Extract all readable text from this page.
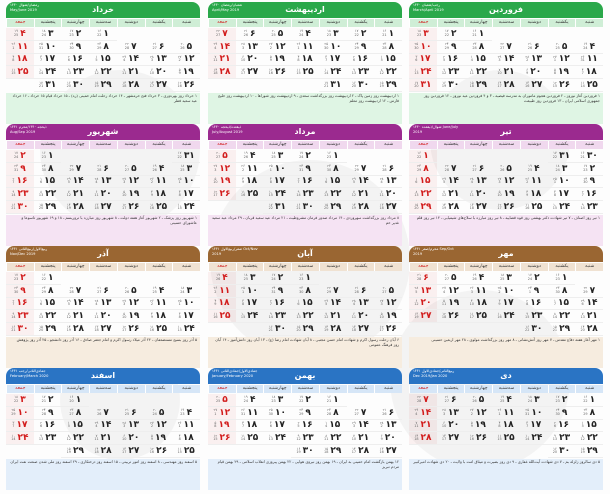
فروردین
رجب/شعبان ۱۴۴۰ March/April 2019
شنبه
یکشنبه
دوشنبه
سه‌شنبه
چهارشنبه
پنجشنبه
جمعه
۱۶
21 ۱
۱۷
22 ۲
۱۸
23 ۳
۱۹
24 ۴
۲۰
25 ۵
۲۱
26 ۶
۲۲
27 ۷
۲۳
28 ۸
۲۴
29 ۹
۲۵
30 ۱۰
۲۶
31 ۱۱
۲۷
1 ۱۲
۲۸
2 ۱۳
۲۹
3 ۱۴
۱
4 ۱۵
۲
5 ۱۶
۳
6 ۱۷
۴
7 ۱۸
۵
8 ۱۹
۶
9 ۲۰
۷
10 ۲۱
۸
11 ۲۲
۹
12 ۲۳
۱۰
13 ۲۴
۱۱
14 ۲۵
۱۲
15 ۲۶
۱۳
16 ۲۷
۱۴
17 ۲۸
۱۵
18 ۲۹
۱۶
19 ۳۰
۱۷
20 ۳۱
۱ فروردین آغاز نوروز ـ ۲ فروردین هجوم ماموران به مدرسه فیضیه ـ ۳ و ۴ فروردین عید نوروز ـ ۱۲ فروردین روز جمهوری اسلامی ایران ـ ۱۳ فروردین روز طبیعت
اردیبهشت
شعبان/رمضان ۱۴۴۰ April/May 2019
شنبه
یکشنبه
دوشنبه
سه‌شنبه
چهارشنبه
پنجشنبه
جمعه
۱۶
21 ۱
۱۷
22 ۲
۱۸
23 ۳
۱۹
24 ۴
۲۰
25 ۵
۲۱
26 ۶
۲۲
27 ۷
۲۳
28 ۸
۲۴
29 ۹
۲۵
30 ۱۰
۲۶
1 ۱۱
۲۷
2 ۱۲
۲۸
3 ۱۳
۲۹
4 ۱۴
۱
5 ۱۵
۲
6 ۱۶
۳
7 ۱۷
۴
8 ۱۸
۵
9 ۱۹
۶
10 ۲۰
۷
11 ۲۱
۸
12 ۲۲
۹
13 ۲۳
۱۰
14 ۲۴
۱۱
15 ۲۵
۱۲
16 ۲۶
۱۳
17 ۲۷
۱۴
18 ۲۸
۱۵
19 ۲۹
۱۶
20 ۳۰
۱۷
21 ۳۱
۱ اردیبهشت روز زمین پاک ـ ۲ اردیبهشت روز بزرگداشت سعدی ـ ۹ اردیبهشت روز شوراها ـ ۱۰ اردیبهشت روز خلیج فارس ـ ۱۲ اردیبهشت روز معلم
خرداد
رمضان/شوال ۱۴۴۰ May/June 2019
شنبه
یکشنبه
دوشنبه
سه‌شنبه
چهارشنبه
پنجشنبه
جمعه
۱۶
22 ۱
۱۷
23 ۲
۱۸
24 ۳
۱۹
25 ۴
۲۰
26 ۵
۲۱
27 ۶
۲۲
28 ۷
۲۳
29 ۸
۲۴
30 ۹
۲۵
31 ۱۰
۲۶
1 ۱۱
۲۷
2 ۱۲
۲۸
3 ۱۳
۲۹
4 ۱۴
۱
5 ۱۵
۲
6 ۱۶
۳
7 ۱۷
۴
8 ۱۸
۵
9 ۱۹
۶
10 ۲۰
۷
11 ۲۱
۸
12 ۲۲
۹
13 ۲۳
۱۰
14 ۲۴
۱۱
15 ۲۵
۱۲
16 ۲۶
۱۳
17 ۲۷
۱۴
18 ۲۸
۱۵
19 ۲۹
۱۶
20 ۳۰
۱۷
21 ۳۱
۱ خرداد روز بهره‌وری ـ ۳ خرداد فتح خرمشهر ـ ۱۴ خرداد رحلت امام خمینی (ره) ـ ۱۵ خرداد قیام ۱۵ خرداد ـ ۱۶ خرداد عید سعید فطر
تیر
شوال/ذیقعده ۱۴۴۰ June/July 2019
شنبه
یکشنبه
دوشنبه
سه‌شنبه
چهارشنبه
پنجشنبه
جمعه
۱۶
22 ۱
۱۷
23 ۲
۱۸
24 ۳
۱۹
25 ۴
۲۰
26 ۵
۲۱
27 ۶
۲۲
28 ۷
۲۳
29 ۸
۲۴
30 ۹
۲۵
1 ۱۰
۲۶
2 ۱۱
۲۷
3 ۱۲
۲۸
4 ۱۳
۲۹
5 ۱۴
۱
6 ۱۵
۲
7 ۱۶
۳
8 ۱۷
۴
9 ۱۸
۵
10 ۱۹
۶
11 ۲۰
۷
12 ۲۱
۸
13 ۲۲
۹
14 ۲۳
۱۰
15 ۲۴
۱۱
16 ۲۵
۱۲
17 ۲۶
۱۳
18 ۲۷
۱۴
19 ۲۸
۱۵
20 ۲۹
۱۶
21 ۳۰
۱۷
22 ۳۱
۱ تیر روز اصناف ـ ۷ تیر شهادت دکتر بهشتی روز قوه قضاییه ـ ۸ تیر روز مبارزه با سلاح‌های شیمیایی ـ ۱۴ تیر روز قلم
مرداد
ذیقعده/ذیحجه ۱۴۴۰ July/August 2019
شنبه
یکشنبه
دوشنبه
سه‌شنبه
چهارشنبه
پنجشنبه
جمعه
۱۶
23 ۱
۱۷
24 ۲
۱۸
25 ۳
۱۹
26 ۴
۲۰
27 ۵
۲۱
28 ۶
۲۲
29 ۷
۲۳
30 ۸
۲۴
31 ۹
۲۵
1 ۱۰
۲۶
2 ۱۱
۲۷
3 ۱۲
۲۸
4 ۱۳
۲۹
5 ۱۴
۱
6 ۱۵
۲
7 ۱۶
۳
8 ۱۷
۴
9 ۱۸
۵
10 ۱۹
۶
11 ۲۰
۷
12 ۲۱
۸
13 ۲۲
۹
14 ۲۳
۱۰
15 ۲۴
۱۱
16 ۲۵
۱۲
17 ۲۶
۱۳
18 ۲۷
۱۴
19 ۲۸
۱۵
20 ۲۹
۱۶
21 ۳۰
۱۷
22 ۳۱
۸ مرداد روز بزرگداشت سهروردی ـ ۱۴ مرداد صدور فرمان مشروطیت ـ ۲۱ مرداد عید سعید قربان ـ ۲۹ مرداد عید سعید غدیر خم
شهریور
ذیحجه ۱۴۴۰/محرم ۱۴۴۱ Aug/Sep 2019
شنبه
یکشنبه
دوشنبه
سه‌شنبه
چهارشنبه
پنجشنبه
جمعه
۱۶
23 ۱
۱۷
24 ۲
۱۸
25 ۳
۱۹
26 ۴
۲۰
27 ۵
۲۱
28 ۶
۲۲
29 ۷
۲۳
30 ۸
۲۴
31 ۹
۲۵
1 ۱۰
۲۶
2 ۱۱
۲۷
3 ۱۲
۲۸
4 ۱۳
۲۹
5 ۱۴
۱
6 ۱۵
۲
7 ۱۶
۳
8 ۱۷
۴
9 ۱۸
۵
10 ۱۹
۶
11 ۲۰
۷
12 ۲۱
۸
13 ۲۲
۹
14 ۲۳
۱۰
15 ۲۴
۱۱
16 ۲۵
۱۲
17 ۲۶
۱۳
18 ۲۷
۱۴
19 ۲۸
۱۵
20 ۲۹
۱۶
21 ۳۰
۱۷
22 ۳۱
۱ شهریور روز پزشک ـ ۲ شهریور آغاز هفته دولت ـ ۸ شهریور روز مبارزه با تروریسم ـ ۱۸ و ۱۹ شهریور تاسوعا و عاشورای حسینی
مهر
محرم/صفر ۱۴۴۱ Sep/Oct 2019
شنبه
یکشنبه
دوشنبه
سه‌شنبه
چهارشنبه
پنجشنبه
جمعه
۱۶
23 ۱
۱۷
24 ۲
۱۸
25 ۳
۱۹
26 ۴
۲۰
27 ۵
۲۱
28 ۶
۲۲
29 ۷
۲۳
30 ۸
۲۴
1 ۹
۲۵
2 ۱۰
۲۶
3 ۱۱
۲۷
4 ۱۲
۲۸
5 ۱۳
۲۹
6 ۱۴
۱
7 ۱۵
۲
8 ۱۶
۳
9 ۱۷
۴
10 ۱۸
۵
11 ۱۹
۶
12 ۲۰
۷
13 ۲۱
۸
14 ۲۲
۹
15 ۲۳
۱۰
16 ۲۴
۱۱
17 ۲۵
۱۲
18 ۲۶
۱۳
19 ۲۷
۱۴
20 ۲۸
۱۵
21 ۲۹
۱۶
22 ۳۰
۱ مهر آغاز هفته دفاع مقدس ـ ۷ مهر روز آتش‌نشانی ـ ۸ مهر روز بزرگداشت مولوی ـ ۲۸ مهر اربعین حسینی
آبان
صفر/ربیع‌الاول ۱۴۴۱ Oct/Nov 2019
شنبه
یکشنبه
دوشنبه
سه‌شنبه
چهارشنبه
پنجشنبه
جمعه
۱۶
23 ۱
۱۷
24 ۲
۱۸
25 ۳
۱۹
26 ۴
۲۰
27 ۵
۲۱
28 ۶
۲۲
29 ۷
۲۳
30 ۸
۲۴
31 ۹
۲۵
1 ۱۰
۲۶
2 ۱۱
۲۷
3 ۱۲
۲۸
4 ۱۳
۲۹
5 ۱۴
۱
6 ۱۵
۲
7 ۱۶
۳
8 ۱۷
۴
9 ۱۸
۵
10 ۱۹
۶
11 ۲۰
۷
12 ۲۱
۸
13 ۲۲
۹
14 ۲۳
۱۰
15 ۲۴
۱۱
16 ۲۵
۱۲
17 ۲۶
۱۳
18 ۲۷
۱۴
19 ۲۸
۱۵
20 ۲۹
۱۶
21 ۳۰
۶ آبان رحلت رسول اکرم و شهادت امام حسن مجتبی ـ ۸ آبان شهادت امام رضا (ع) ـ ۱۳ آبان روز دانش‌آموز ـ ۱۴ آبان روز فرهنگ عمومی
آذر
ربیع‌الاول/ربیع‌الثانی ۱۴۴۱ Nov/Dec 2019
شنبه
یکشنبه
دوشنبه
سه‌شنبه
چهارشنبه
پنجشنبه
جمعه
۱۶
22 ۱
۱۷
23 ۲
۱۸
24 ۳
۱۹
25 ۴
۲۰
26 ۵
۲۱
27 ۶
۲۲
28 ۷
۲۳
29 ۸
۲۴
30 ۹
۲۵
1 ۱۰
۲۶
2 ۱۱
۲۷
3 ۱۲
۲۸
4 ۱۳
۲۹
5 ۱۴
۱
6 ۱۵
۲
7 ۱۶
۳
8 ۱۷
۴
9 ۱۸
۵
10 ۱۹
۶
11 ۲۰
۷
12 ۲۱
۸
13 ۲۲
۹
14 ۲۳
۱۰
15 ۲۴
۱۱
16 ۲۵
۱۲
17 ۲۶
۱۳
18 ۲۷
۱۴
19 ۲۸
۱۵
20 ۲۹
۱۶
21 ۳۰
۵ آذر روز بسیج مستضعفان ـ ۲۴ آذر میلاد رسول اکرم و امام جعفر صادق ـ ۱۶ آذر روز دانشجو ـ ۲۵ آذر روز پژوهش
دی
ربیع‌الثانی/جمادی‌الاول ۱۴۴۱ Dec 2019/Jan 2020
شنبه
یکشنبه
دوشنبه
سه‌شنبه
چهارشنبه
پنجشنبه
جمعه
۱۶
22 ۱
۱۷
23 ۲
۱۸
24 ۳
۱۹
25 ۴
۲۰
26 ۵
۲۱
27 ۶
۲۲
28 ۷
۲۳
29 ۸
۲۴
30 ۹
۲۵
31 ۱۰
۲۶
1 ۱۱
۲۷
2 ۱۲
۲۸
3 ۱۳
۲۹
4 ۱۴
۱
5 ۱۵
۲
6 ۱۶
۳
7 ۱۷
۴
8 ۱۸
۵
9 ۱۹
۶
10 ۲۰
۷
11 ۲۱
۸
12 ۲۲
۹
13 ۲۳
۱۰
14 ۲۴
۱۱
15 ۲۵
۱۲
16 ۲۶
۱۳
17 ۲۷
۱۴
18 ۲۸
۱۵
19 ۲۹
۱۶
20 ۳۰
۵ دی سالروز زلزله بم ـ ۷ دی شهادت آیت‌الله غفاری ـ ۹ دی روز بصیرت و میثاق امت با ولایت ـ ۲۰ دی شهادت امیرکبیر
بهمن
جمادی‌الاول/جمادی‌الثانی ۱۴۴۱ January/February 2020
شنبه
یکشنبه
دوشنبه
سه‌شنبه
چهارشنبه
پنجشنبه
جمعه
۱۶
21 ۱
۱۷
22 ۲
۱۸
23 ۳
۱۹
24 ۴
۲۰
25 ۵
۲۱
26 ۶
۲۲
27 ۷
۲۳
28 ۸
۲۴
29 ۹
۲۵
30 ۱۰
۲۶
31 ۱۱
۲۷
1 ۱۲
۲۸
2 ۱۳
۲۹
3 ۱۴
۱
4 ۱۵
۲
5 ۱۶
۳
6 ۱۷
۴
7 ۱۸
۵
8 ۱۹
۶
9 ۲۰
۷
10 ۲۱
۸
11 ۲۲
۹
12 ۲۳
۱۰
13 ۲۴
۱۱
14 ۲۵
۱۲
15 ۲۶
۱۳
16 ۲۷
۱۴
17 ۲۸
۱۵
18 ۲۹
۱۶
19 ۳۰
۱۲ بهمن بازگشت امام خمینی به ایران ـ ۱۹ بهمن روز نیروی هوایی ـ ۲۲ بهمن پیروزی انقلاب اسلامی ـ ۲۹ بهمن قیام مردم تبریز
اسفند
جمادی‌الثانی/رجب ۱۴۴۱ February/March 2020
شنبه
یکشنبه
دوشنبه
سه‌شنبه
چهارشنبه
پنجشنبه
جمعه
۱۶
20 ۱
۱۷
21 ۲
۱۸
22 ۳
۱۹
23 ۴
۲۰
24 ۵
۲۱
25 ۶
۲۲
26 ۷
۲۳
27 ۸
۲۴
28 ۹
۲۵
29 ۱۰
۲۶
1 ۱۱
۲۷
2 ۱۲
۲۸
3 ۱۳
۲۹
4 ۱۴
۱
5 ۱۵
۲
6 ۱۶
۳
7 ۱۷
۴
8 ۱۸
۵
9 ۱۹
۶
10 ۲۰
۷
11 ۲۱
۸
12 ۲۲
۹
13 ۲۳
۱۰
14 ۲۴
۱۱
15 ۲۵
۱۲
16 ۲۶
۱۳
17 ۲۷
۱۴
18 ۲۸
۱۵
19 ۲۹
۵ اسفند روز مهندسی ـ ۸ اسفند روز امور تربیتی ـ ۱۵ اسفند روز درختکاری ـ ۲۹ اسفند روز ملی شدن صنعت نفت ایران
